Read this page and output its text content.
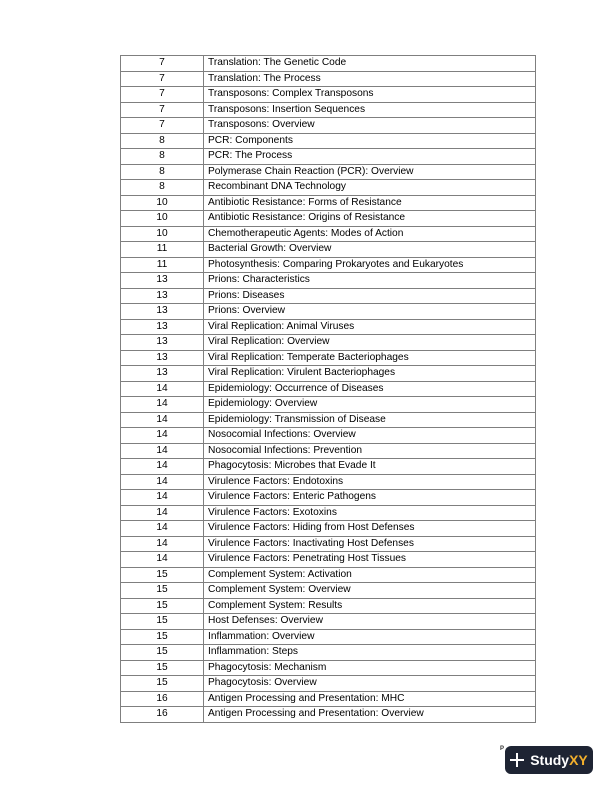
7	Translation: The Genetic Code
7	Translation: The Process
7	Transposons: Complex Transposons
7	Transposons: Insertion Sequences
7	Transposons: Overview
8	PCR: Components
8	PCR: The Process
8	Polymerase Chain Reaction (PCR): Overview
8	Recombinant DNA Technology
10	Antibiotic Resistance: Forms of Resistance
10	Antibiotic Resistance: Origins of Resistance
10	Chemotherapeutic Agents: Modes of Action
11	Bacterial Growth: Overview
11	Photosynthesis: Comparing Prokaryotes and Eukaryotes
13	Prions: Characteristics
13	Prions: Diseases
13	Prions: Overview
13	Viral Replication: Animal Viruses
13	Viral Replication: Overview
13	Viral Replication: Temperate Bacteriophages
13	Viral Replication: Virulent Bacteriophages
14	Epidemiology: Occurrence of Diseases
14	Epidemiology: Overview
14	Epidemiology: Transmission of Disease
14	Nosocomial Infections: Overview
14	Nosocomial Infections: Prevention
14	Phagocytosis: Microbes that Evade It
14	Virulence Factors: Endotoxins
14	Virulence Factors: Enteric Pathogens
14	Virulence Factors: Exotoxins
14	Virulence Factors: Hiding from Host Defenses
14	Virulence Factors: Inactivating Host Defenses
14	Virulence Factors: Penetrating Host Tissues
15	Complement System: Activation
15	Complement System: Overview
15	Complement System: Results
15	Host Defenses: Overview
15	Inflammation: Overview
15	Inflammation: Steps
15	Phagocytosis: Mechanism
15	Phagocytosis: Overview
16	Antigen Processing and Presentation: MHC
16	Antigen Processing and Presentation: Overview
P
Study XY
